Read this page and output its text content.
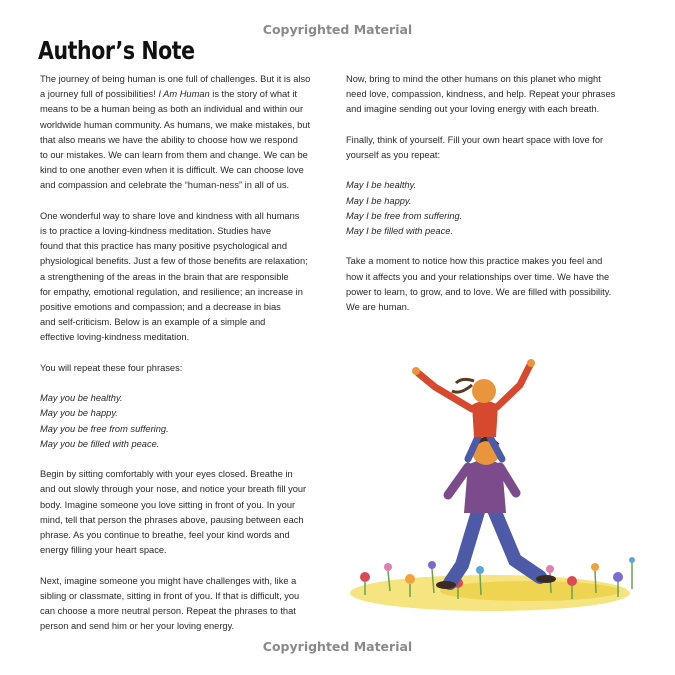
Copyrighted Material
Author’s Note

The journey of being human is one full of challenges. But it is also
a journey full of possibilities! I Am Human is the story of what it
means to be a human being as both an individual and within our
worldwide human community. As humans, we make mistakes, but
that also means we have the ability to choose how we respond
to our mistakes. We can learn from them and change. We can be
kind to one another even when it is difficult. We can choose love
and compassion and celebrate the “human-ness” in all of us.

One wonderful way to share love and kindness with all humans
is to practice a loving-kindness meditation. Studies have
found that this practice has many positive psychological and
physiological benefits. Just a few of those benefits are relaxation;
a strengthening of the areas in the brain that are responsible
for empathy, emotional regulation, and resilience; an increase in
positive emotions and compassion; and a decrease in bias
and self-criticism. Below is an example of a simple and
effective loving-kindness meditation.

You will repeat these four phrases:

May you be healthy.
May you be happy.
May you be free from suffering.
May you be filled with peace.

Begin by sitting comfortably with your eyes closed. Breathe in
and out slowly through your nose, and notice your breath fill your
body. Imagine someone you love sitting in front of you. In your
mind, tell that person the phrases above, pausing between each
phrase. As you continue to breathe, feel your kind words and
energy filling your heart space.

Next, imagine someone you might have challenges with, like a
sibling or classmate, sitting in front of you. If that is difficult, you
can choose a more neutral person. Repeat the phrases to that
person and send him or her your loving energy.

Now, bring to mind the other humans on this planet who might
need love, compassion, kindness, and help. Repeat your phrases
and imagine sending out your loving energy with each breath.

Finally, think of yourself. Fill your own heart space with love for
yourself as you repeat:

May I be healthy.
May I be happy.
May I be free from suffering.
May I be filled with peace.

Take a moment to notice how this practice makes you feel and
how it affects you and your relationships over time. We have the
power to learn, to grow, and to love. We are filled with possibility.
We are human.

Copyrighted Material
